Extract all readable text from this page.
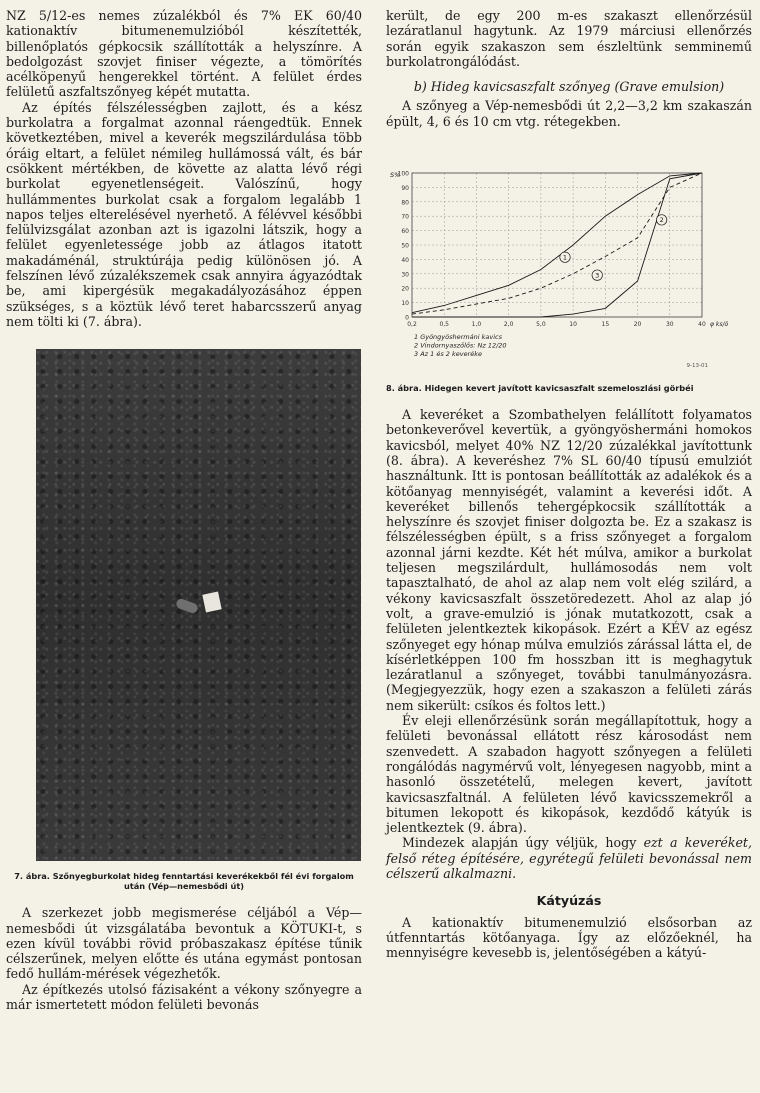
NZ 5/12-es nemes zúzalékból és 7% EK 60/40 kationaktív bitumenemulzióból készítették, billenőplatós gépkocsik szállították a helyszínre. A bedolgozást szovjet finiser végezte, a tömörítés acélköpenyű hengerekkel történt. A felület érdes felületű aszfaltszőnyeg képét mutatta.

Az építés félszélességben zajlott, és a kész burkolatra a forgalmat azonnal ráengedtük. Ennek következtében, mivel a keverék megszilárdulása több óráig eltart, a felület némileg hullámossá vált, és bár csökkent mértékben, de követte az alatta lévő régi burkolat egyenetlenségeit. Valószínű, hogy hullámmentes burkolat csak a forgalom legalább 1 napos teljes elterelésével nyerhető. A félévvel későbbi felülvizsgálat azonban azt is igazolni látszik, hogy a felület egyenletessége jobb az átlagos itatott makadáménál, struktúrája pedig különösen jó. A felszínen lévő zúzalékszemek csak annyira ágyazódtak be, ami kipergésük megakadályozásához éppen szükséges, s a köztük lévő teret habarcsszerű anyag nem tölti ki (7. ábra).

7. ábra. Szőnyegburkolat hideg fenntartási keverékekből fél évi forgalom után (Vép—nemesbődi út)

A szerkezet jobb megismerése céljából a Vép—nemesbődi út vizsgálatába bevontuk a KÖTUKI-t, s ezen kívül további rövid próbaszakasz építése tűnik célszerűnek, melyen előtte és utána egymást pontosan fedő hullám-mérések végezhetők.

Az építkezés utolsó fázisaként a vékony szőnyegre a már ismertetett módon felületi bevonás

került, de egy 200 m-es szakaszt ellenőrzésül lezáratlanul hagytunk. Az 1979 márciusi ellenőrzés során egyik szakaszon sem észleltünk semminemű burkolatrongálódást.

b) Hideg kavicsaszfalt szőnyeg (Grave emulsion)

A szőnyeg a Vép-nemesbődi út 2,2—3,2 km szakaszán épült, 4, 6 és 10 cm vtg. rétegekben.

0
10
20
30
40
50
60
70
80
90
100
0,2	0,5	1,0	2,0	5,0	10	15	20	30	40
S%
φ ks/ö
1
2
3
1 Gyöngyöshermáni kavics
2 Vindornyaszőlős: Nz 12/20
3 Az 1 és 2 keveréke
9-13-01

8. ábra. Hidegen kevert javított kavicsaszfalt szemeloszlási görbéi

A keveréket a Szombathelyen felállított folyamatos betonkeverővel kevertük, a gyöngyöshermáni homokos kavicsból, melyet 40% NZ 12/20 zúzalékkal javítottunk (8. ábra). A keveréshez 7% SL 60/40 típusú emulziót használtunk. Itt is pontosan beállították az adalékok és a kötőanyag mennyiségét, valamint a keverési időt. A keveréket billenős tehergépkocsik szállították a helyszínre és szovjet finiser dolgozta be. Ez a szakasz is félszélességben épült, s a friss szőnyeget a forgalom azonnal járni kezdte. Két hét múlva, amikor a burkolat teljesen megszilárdult, hullámosodás nem volt tapasztalható, de ahol az alap nem volt elég szilárd, a vékony kavicsaszfalt összetöredezett. Ahol az alap jó volt, a grave-emulzió is jónak mutatkozott, csak a felületen jelentkeztek kikopások. Ezért a KÉV az egész szőnyeget egy hónap múlva emulziós zárással látta el, de kísérletképpen 100 fm hosszban itt is meghagytuk lezáratlanul a szőnyeget, további tanulmányozásra. (Megjegyezzük, hogy ezen a szakaszon a felületi zárás nem sikerült: csíkos és foltos lett.)

Év eleji ellenőrzésünk során megállapítottuk, hogy a felületi bevonással ellátott rész károsodást nem szenvedett. A szabadon hagyott szőnyegen a felületi rongálódás nagymérvű volt, lényegesen nagyobb, mint a hasonló összetételű, melegen kevert, javított kavicsaszfaltnál. A felületen lévő kavicsszemekről a bitumen lekopott és kikopások, kezdődő kátyúk is jelentkeztek (9. ábra).

Mindezek alapján úgy véljük, hogy ezt a keveréket, felső réteg építésére, egyrétegű felületi bevonással nem célszerű alkalmazni.

Kátyúzás

A kationaktív bitumenemulzió elsősorban az útfenntartás kötőanyaga. Így az előzőeknél, ha mennyiségre kevesebb is, jelentőségében a kátyú-
